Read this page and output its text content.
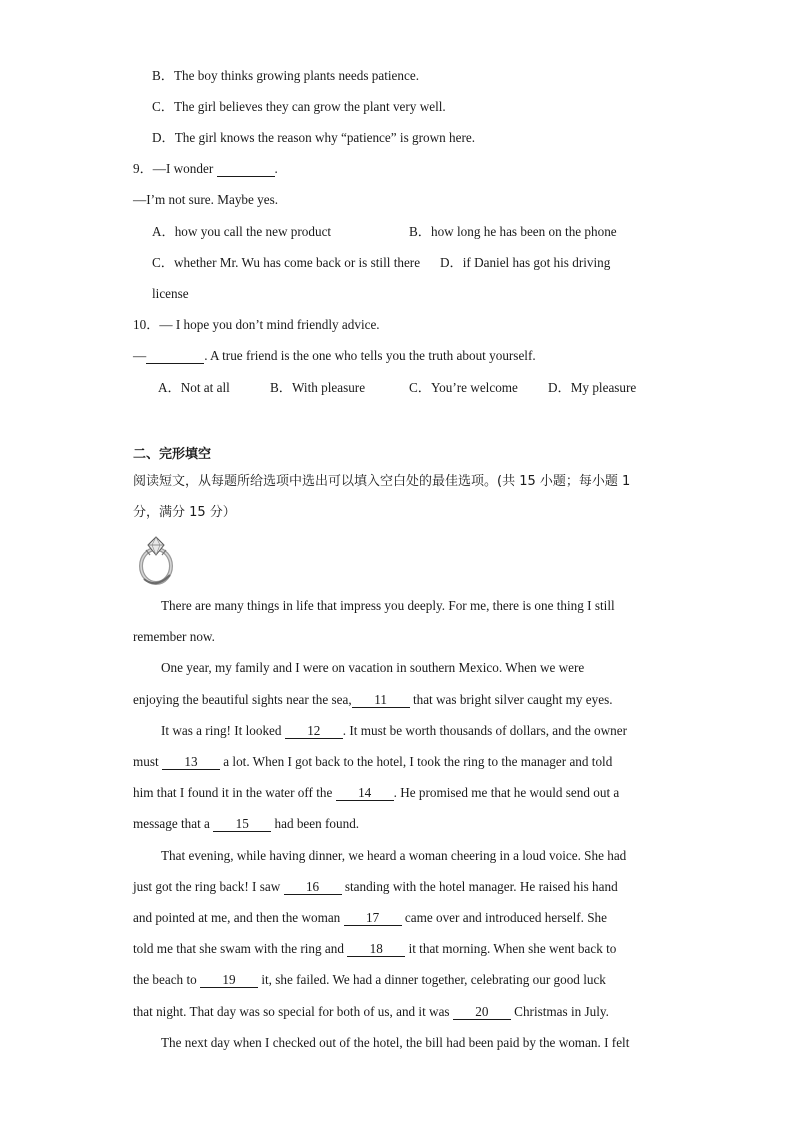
B．The boy thinks growing plants needs patience.
C．The girl believes they can grow the plant very well.
D．The girl knows the reason why “patience” is grown here.
9．—I wonder	.
—I’m not sure. Maybe yes.
A．how you call the new product	B．how long he has been on the phone
C．whether Mr. Wu has come back or is still there D．if Daniel has got his driving
license
10．— I hope you don’t mind friendly advice.
—	. A true friend is the one who tells you the truth about yourself.
A．Not at all	B．With pleasure	C．You’re welcome D．My pleasure
二、完形填空
阅读短文，从每题所给选项中选出可以填入空白处的最佳选项。(共 15 小题；每小题 1
分，满分 15 分）
There are many things in life that impress you deeply. For me, there is one thing I still
remember now.
One year, my family and I were on vacation in southern Mexico. When we were
enjoying the beautiful sights near the sea, 11 that was bright silver caught my eyes.
It was a ring! It looked 12 . It must be worth thousands of dollars, and the owner
must 13 a lot. When I got back to the hotel, I took the ring to the manager and told
him that I found it in the water off the 14 . He promised me that he would send out a
message that a 15 had been found.
That evening, while having dinner, we heard a woman cheering in a loud voice. She had
just got the ring back! I saw 16 standing with the hotel manager. He raised his hand
and pointed at me, and then the woman 17 came over and introduced herself. She
told me that she swam with the ring and 18 it that morning. When she went back to
the beach to 19 it, she failed. We had a dinner together, celebrating our good luck
that night. That day was so special for both of us, and it was 20 Christmas in July.
The next day when I checked out of the hotel, the bill had been paid by the woman. I felt
